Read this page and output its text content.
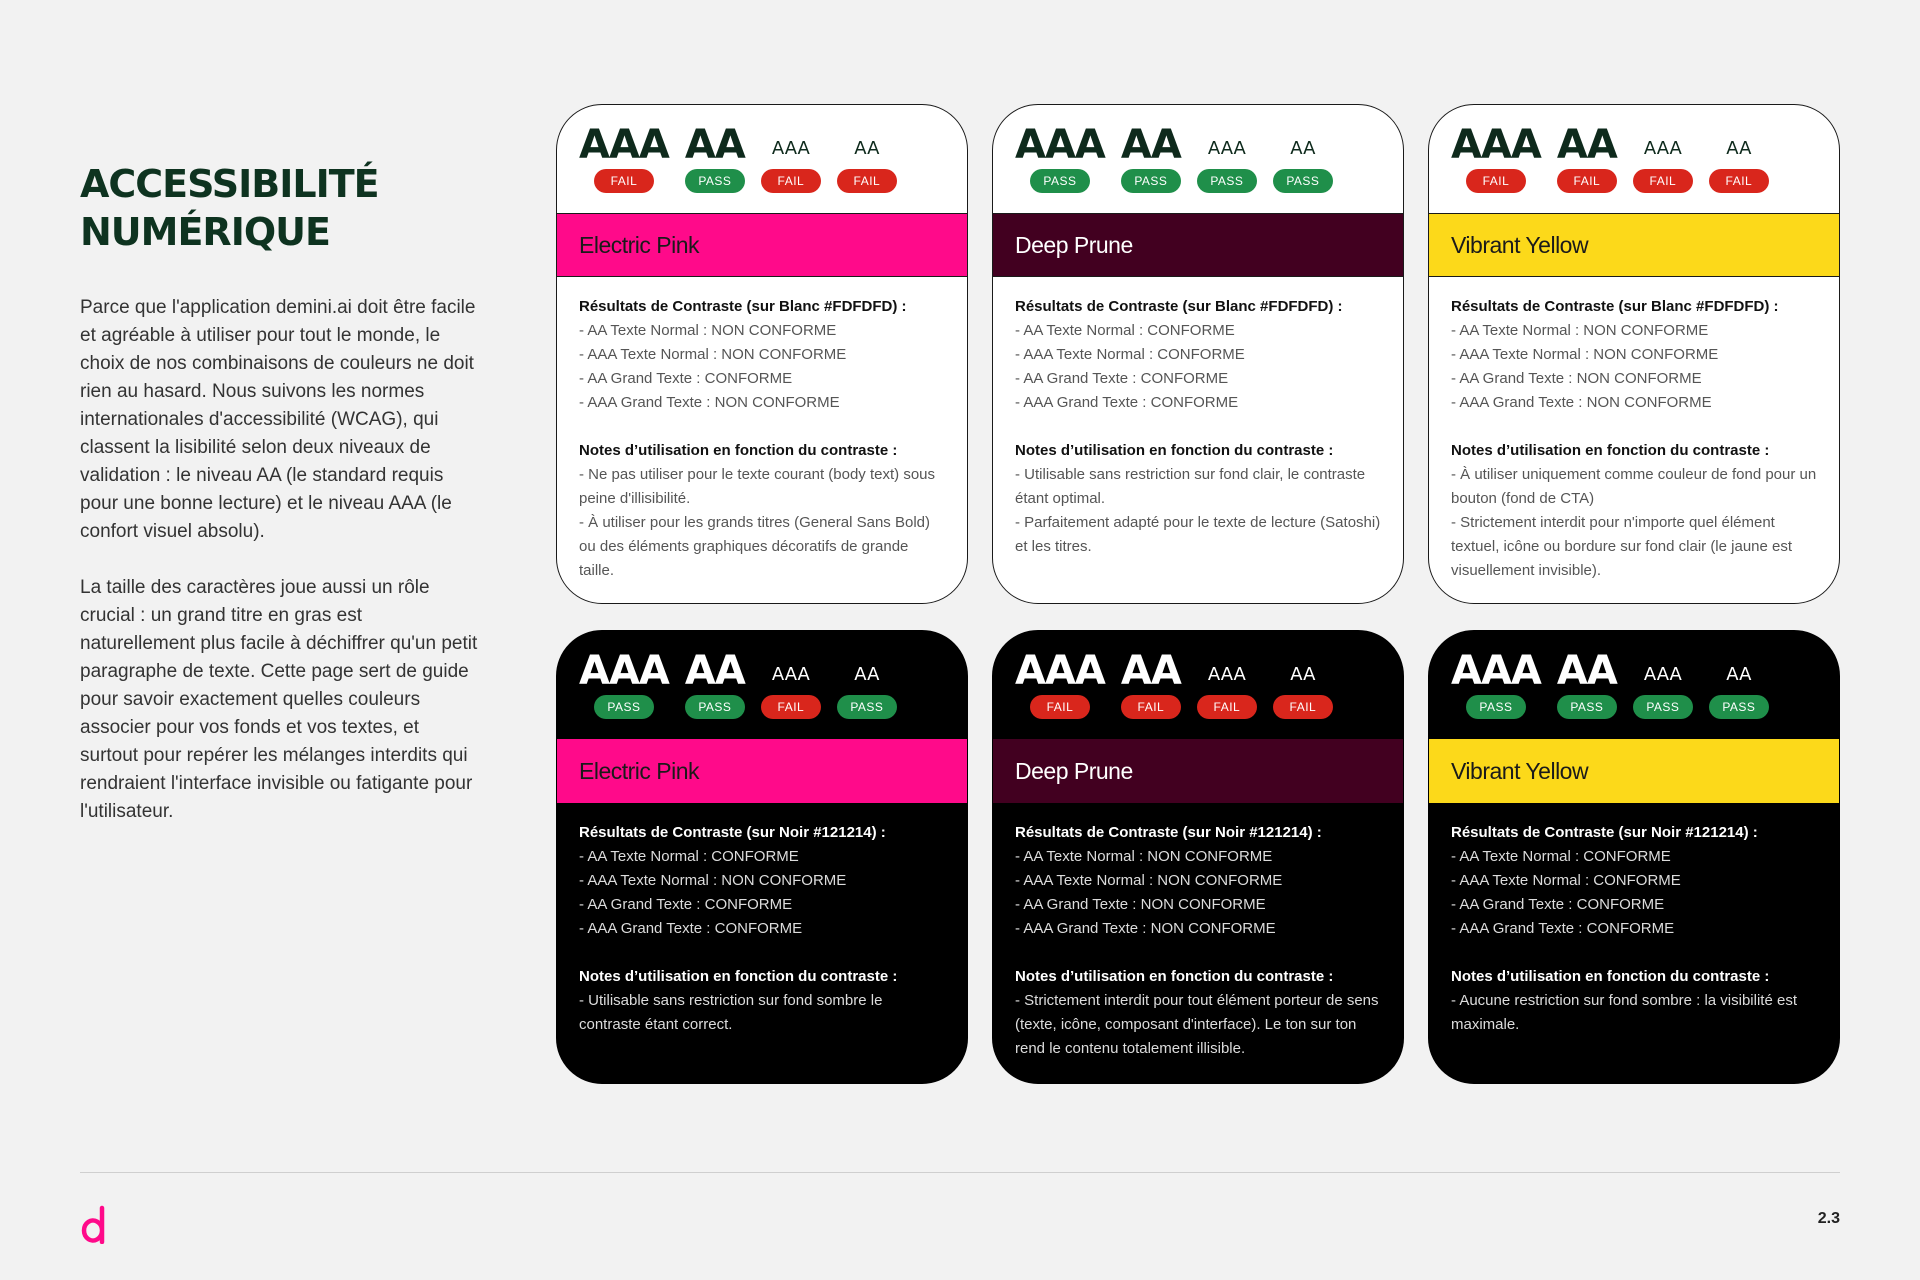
ACCESSIBILITÉ
NUMÉRIQUE

Parce que l'application demini.ai doit être facile et agréable à utiliser pour tout le monde, le choix de nos combinaisons de couleurs ne doit rien au hasard. Nous suivons les normes internationales d'accessibilité (WCAG), qui classent la lisibilité selon deux niveaux de validation : le niveau AA (le standard requis pour une bonne lecture) et le niveau AAA (le confort visuel absolu).

La taille des caractères joue aussi un rôle crucial : un grand titre en gras est naturellement plus facile à déchiffrer qu'un petit paragraphe de texte. Cette page sert de guide pour savoir exactement quelles couleurs associer pour vos fonds et vos textes, et surtout pour repérer les mélanges interdits qui rendraient l'interface invisible ou fatigante pour l'utilisateur.

AAA
FAIL
AA
PASS
AAA
FAIL
AA
FAIL
Electric Pink
Résultats de Contraste (sur Blanc #FDFDFD) :
- AA Texte Normal : NON CONFORME
- AAA Texte Normal : NON CONFORME
- AA Grand Texte : CONFORME
- AAA Grand Texte : NON CONFORME
Notes d’utilisation en fonction du contraste :
- Ne pas utiliser pour le texte courant (body text) sous peine d'illisibilité.
- À utiliser pour les grands titres (General Sans Bold) ou des éléments graphiques décoratifs de grande taille.
AAA
PASS
AA
PASS
AAA
PASS
AA
PASS
Deep Prune
Résultats de Contraste (sur Blanc #FDFDFD) :
- AA Texte Normal : CONFORME
- AAA Texte Normal : CONFORME
- AA Grand Texte : CONFORME
- AAA Grand Texte : CONFORME
Notes d’utilisation en fonction du contraste :
- Utilisable sans restriction sur fond clair, le contraste étant optimal.
- Parfaitement adapté pour le texte de lecture (Satoshi) et les titres.
AAA
FAIL
AA
FAIL
AAA
FAIL
AA
FAIL
Vibrant Yellow
Résultats de Contraste (sur Blanc #FDFDFD) :
- AA Texte Normal : NON CONFORME
- AAA Texte Normal : NON CONFORME
- AA Grand Texte : NON CONFORME
- AAA Grand Texte : NON CONFORME
Notes d’utilisation en fonction du contraste :
- À utiliser uniquement comme couleur de fond pour un bouton (fond de CTA)
- Strictement interdit pour n'importe quel élément textuel, icône ou bordure sur fond clair (le jaune est visuellement invisible).
AAA
PASS
AA
PASS
AAA
FAIL
AA
PASS
Electric Pink
Résultats de Contraste (sur Noir #121214) :
- AA Texte Normal : CONFORME
- AAA Texte Normal : NON CONFORME
- AA Grand Texte : CONFORME
- AAA Grand Texte : CONFORME
Notes d’utilisation en fonction du contraste :
- Utilisable sans restriction sur fond sombre le contraste étant correct.
AAA
FAIL
AA
FAIL
AAA
FAIL
AA
FAIL
Deep Prune
Résultats de Contraste (sur Noir #121214) :
- AA Texte Normal : NON CONFORME
- AAA Texte Normal : NON CONFORME
- AA Grand Texte : NON CONFORME
- AAA Grand Texte : NON CONFORME
Notes d’utilisation en fonction du contraste :
- Strictement interdit pour tout élément porteur de sens (texte, icône, composant d'interface). Le ton sur ton rend le contenu totalement illisible.
AAA
PASS
AA
PASS
AAA
PASS
AA
PASS
Vibrant Yellow
Résultats de Contraste (sur Noir #121214) :
- AA Texte Normal : CONFORME
- AAA Texte Normal : CONFORME
- AA Grand Texte : CONFORME
- AAA Grand Texte : CONFORME
Notes d’utilisation en fonction du contraste :
- Aucune restriction sur fond sombre : la visibilité est maximale.
2.3
